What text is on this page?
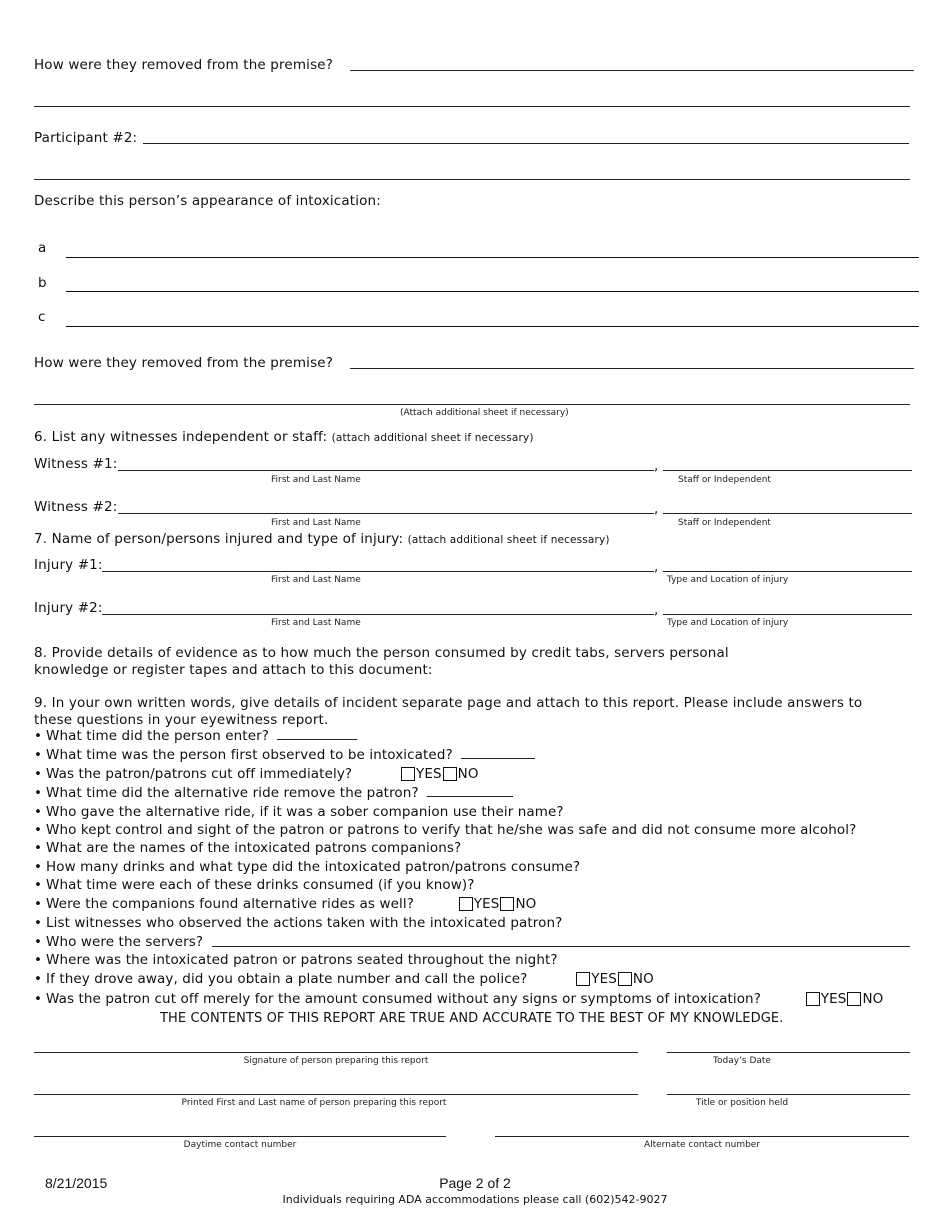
How were they removed from the premise?
Participant #2:
Describe this person’s appearance of intoxication:
a
b
c
How were they removed from the premise?
(Attach additional sheet if necessary)
6. List any witnesses independent or staff: (attach additional sheet if necessary)
Witness #1:	,
First and Last Name	Staff or Independent
Witness #2:	,
First and Last Name	Staff or Independent
7. Name of person/persons injured and type of injury: (attach additional sheet if necessary)
Injury #1:	,
First and Last Name	Type and Location of injury
Injury #2:	,
First and Last Name	Type and Location of injury
8. Provide details of evidence as to how much the person consumed by credit tabs, servers personal
knowledge or register tapes and attach to this document:
9. In your own written words, give details of incident separate page and attach to this report. Please include answers to
these questions in your eyewitness report.
• What time did the person enter?
• What time was the person first observed to be intoxicated?
• Was the patron/patrons cut off immediately?	YES NO
• What time did the alternative ride remove the patron?
• Who gave the alternative ride, if it was a sober companion use their name?
• Who kept control and sight of the patron or patrons to verify that he/she was safe and did not consume more alcohol?
• What are the names of the intoxicated patrons companions?
• How many drinks and what type did the intoxicated patron/patrons consume?
• What time were each of these drinks consumed (if you know)?
• Were the companions found alternative rides as well?	YES NO
• List witnesses who observed the actions taken with the intoxicated patron?
• Who were the servers?
• Where was the intoxicated patron or patrons seated throughout the night?
• If they drove away, did you obtain a plate number and call the police?	YES NO
• Was the patron cut off merely for the amount consumed without any signs or symptoms of intoxication?	YES NO
THE CONTENTS OF THIS REPORT ARE TRUE AND ACCURATE TO THE BEST OF MY KNOWLEDGE.
Signature of person preparing this report	Today’s Date
Printed First and Last name of person preparing this report	Title or position held
Daytime contact number	Alternate contact number
8/21/2015	Page 2 of 2
Individuals requiring ADA accommodations please call (602)542-9027
